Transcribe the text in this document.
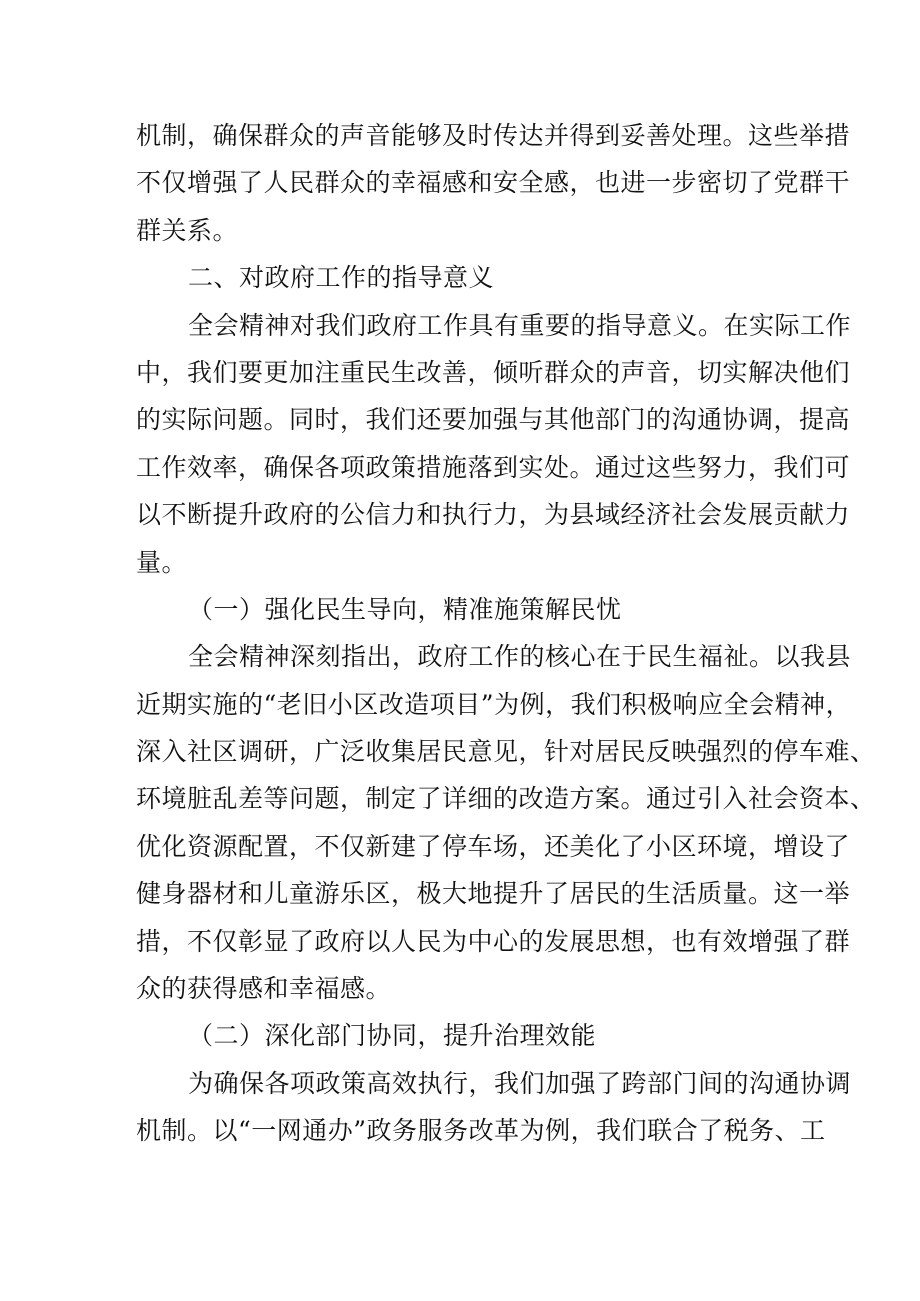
机制，确保群众的声音能够及时传达并得到妥善处理。这些举措
不仅增强了人民群众的幸福感和安全感，也进一步密切了党群干
群关系。
二、对政府工作的指导意义
全会精神对我们政府工作具有重要的指导意义。在实际工作
中，我们要更加注重民生改善，倾听群众的声音，切实解决他们
的实际问题。同时，我们还要加强与其他部门的沟通协调，提高
工作效率，确保各项政策措施落到实处。通过这些努力，我们可
以不断提升政府的公信力和执行力，为县域经济社会发展贡献力
量。
（一）强化民生导向，精准施策解民忧
全会精神深刻指出，政府工作的核心在于民生福祉。以我县
近期实施的“老旧小区改造项目”为例，我们积极响应全会精神，
深入社区调研，广泛收集居民意见，针对居民反映强烈的停车难、
环境脏乱差等问题，制定了详细的改造方案。通过引入社会资本、
优化资源配置，不仅新建了停车场，还美化了小区环境，增设了
健身器材和儿童游乐区，极大地提升了居民的生活质量。这一举
措，不仅彰显了政府以人民为中心的发展思想，也有效增强了群
众的获得感和幸福感。
（二）深化部门协同，提升治理效能
为确保各项政策高效执行，我们加强了跨部门间的沟通协调
机制。以“一网通办”政务服务改革为例，我们联合了税务、工
